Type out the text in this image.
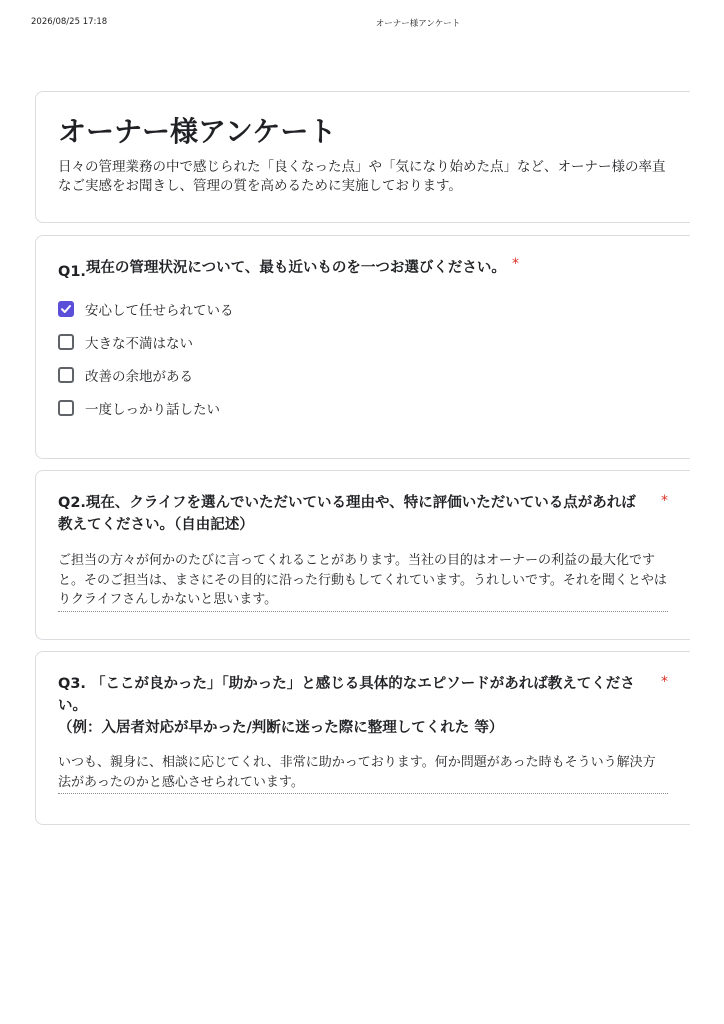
2026/08/25 17:18	オーナー様アンケート
オーナー様アンケート
日々の管理業務の中で感じられた「良くなった点」や「気になり始めた点」など、オーナー様の率直なご実感をお聞きし、管理の質を高めるために実施しております。
Q1.現在の管理状況について、最も近いものを一つお選びください。 *
安心して任せられている
大きな不満はない
改善の余地がある
一度しっかり話したい
Q2.現在、クライフを選んでいただいている理由や、特に評価いただいている点があれば教えてください。（自由記述）
*
ご担当の方々が何かのたびに言ってくれることがあります。当社の目的はオーナーの利益の最大化ですと。そのご担当は、まさにその目的に沿った行動もしてくれています。うれしいです。それを聞くとやはりクライフさんしかないと思います。
Q3. 「ここが良かった」「助かった」と感じる具体的なエピソードがあれば教えてください。
（例：入居者対応が早かった/判断に迷った際に整理してくれた 等）
*
いつも、親身に、相談に応じてくれ、非常に助かっております。何か問題があった時もそういう解決方法があったのかと感心させられています。
